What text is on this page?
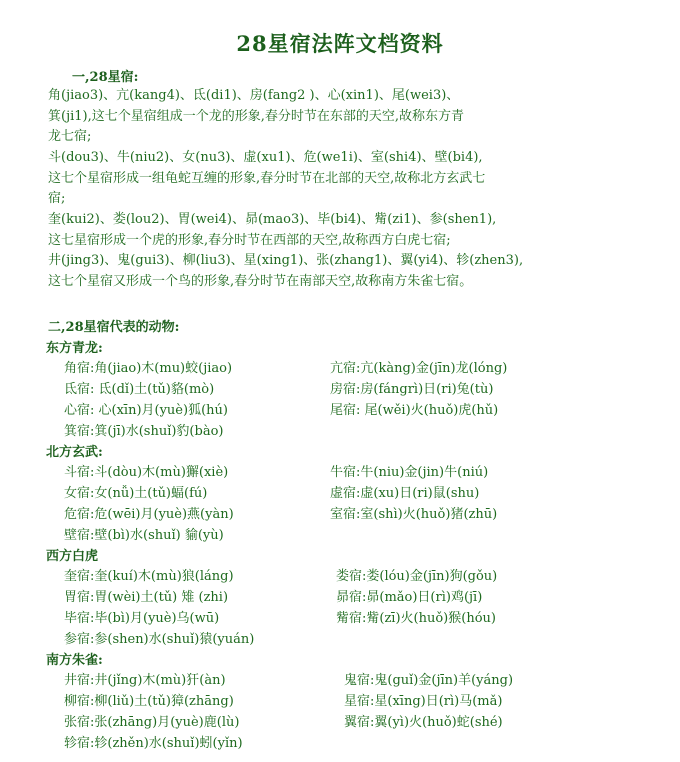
28星宿法阵文档资料
一,28星宿:
角(jiao3)、亢(kang4)、氐(di1)、房(fang2 )、心(xin1)、尾(wei3)、
箕(ji1),这七个星宿组成一个龙的形象,春分时节在东部的天空,故称东方青
龙七宿;
斗(dou3)、牛(niu2)、女(nu3)、虚(xu1)、危(we1i)、室(shi4)、壁(bi4),
这七个星宿形成一组龟蛇互缠的形象,春分时节在北部的天空,故称北方玄武七
宿;
奎(kui2)、娄(lou2)、胃(wei4)、昴(mao3)、毕(bi4)、觜(zi1)、参(shen1),
这七星宿形成一个虎的形象,春分时节在西部的天空,故称西方白虎七宿;
井(jing3)、鬼(gui3)、柳(liu3)、星(xing1)、张(zhang1)、翼(yi4)、轸(zhen3),
这七个星宿又形成一个鸟的形象,春分时节在南部天空,故称南方朱雀七宿。
二,28星宿代表的动物:
东方青龙:
角宿:角(jiao)木(mu)蛟(jiao)	亢宿:亢(kàng)金(jīn)龙(lóng)
氐宿: 氐(dǐ)土(tǔ)貉(mò)	房宿:房(fángrì)日(ri)兔(tù)
心宿: 心(xīn)月(yuè)狐(hú)	尾宿: 尾(wěi)火(huǒ)虎(hǔ)
箕宿:箕(jī)水(shuǐ)豹(bào)
北方玄武:
斗宿:斗(dòu)木(mù)獬(xiè)	牛宿:牛(niu)金(jin)牛(niú)
女宿:女(nǚ)土(tǔ)蝠(fú)	虚宿:虚(xu)日(ri)鼠(shu)
危宿:危(wēi)月(yuè)燕(yàn)	室宿:室(shì)火(huǒ)猪(zhū)
壁宿:壁(bì)水(shuǐ) 貐(yù)
西方白虎
奎宿:奎(kuí)木(mù)狼(láng)	娄宿:娄(lóu)金(jīn)狗(gǒu)
胃宿:胃(wèi)土(tǔ) 雉 (zhi)	昴宿:昴(mǎo)日(rì)鸡(jī)
毕宿:毕(bì)月(yuè)乌(wū)	觜宿:觜(zī)火(huǒ)猴(hóu)
参宿:参(shen)水(shuǐ)猿(yuán)
南方朱雀:
井宿:井(jǐng)木(mù)犴(àn)	鬼宿:鬼(guǐ)金(jīn)羊(yáng)
柳宿:柳(liǔ)土(tǔ)獐(zhāng)	星宿:星(xīng)日(rì)马(mǎ)
张宿:张(zhāng)月(yuè)鹿(lù)	翼宿:翼(yì)火(huǒ)蛇(shé)
轸宿:轸(zhěn)水(shuǐ)蚓(yǐn)
